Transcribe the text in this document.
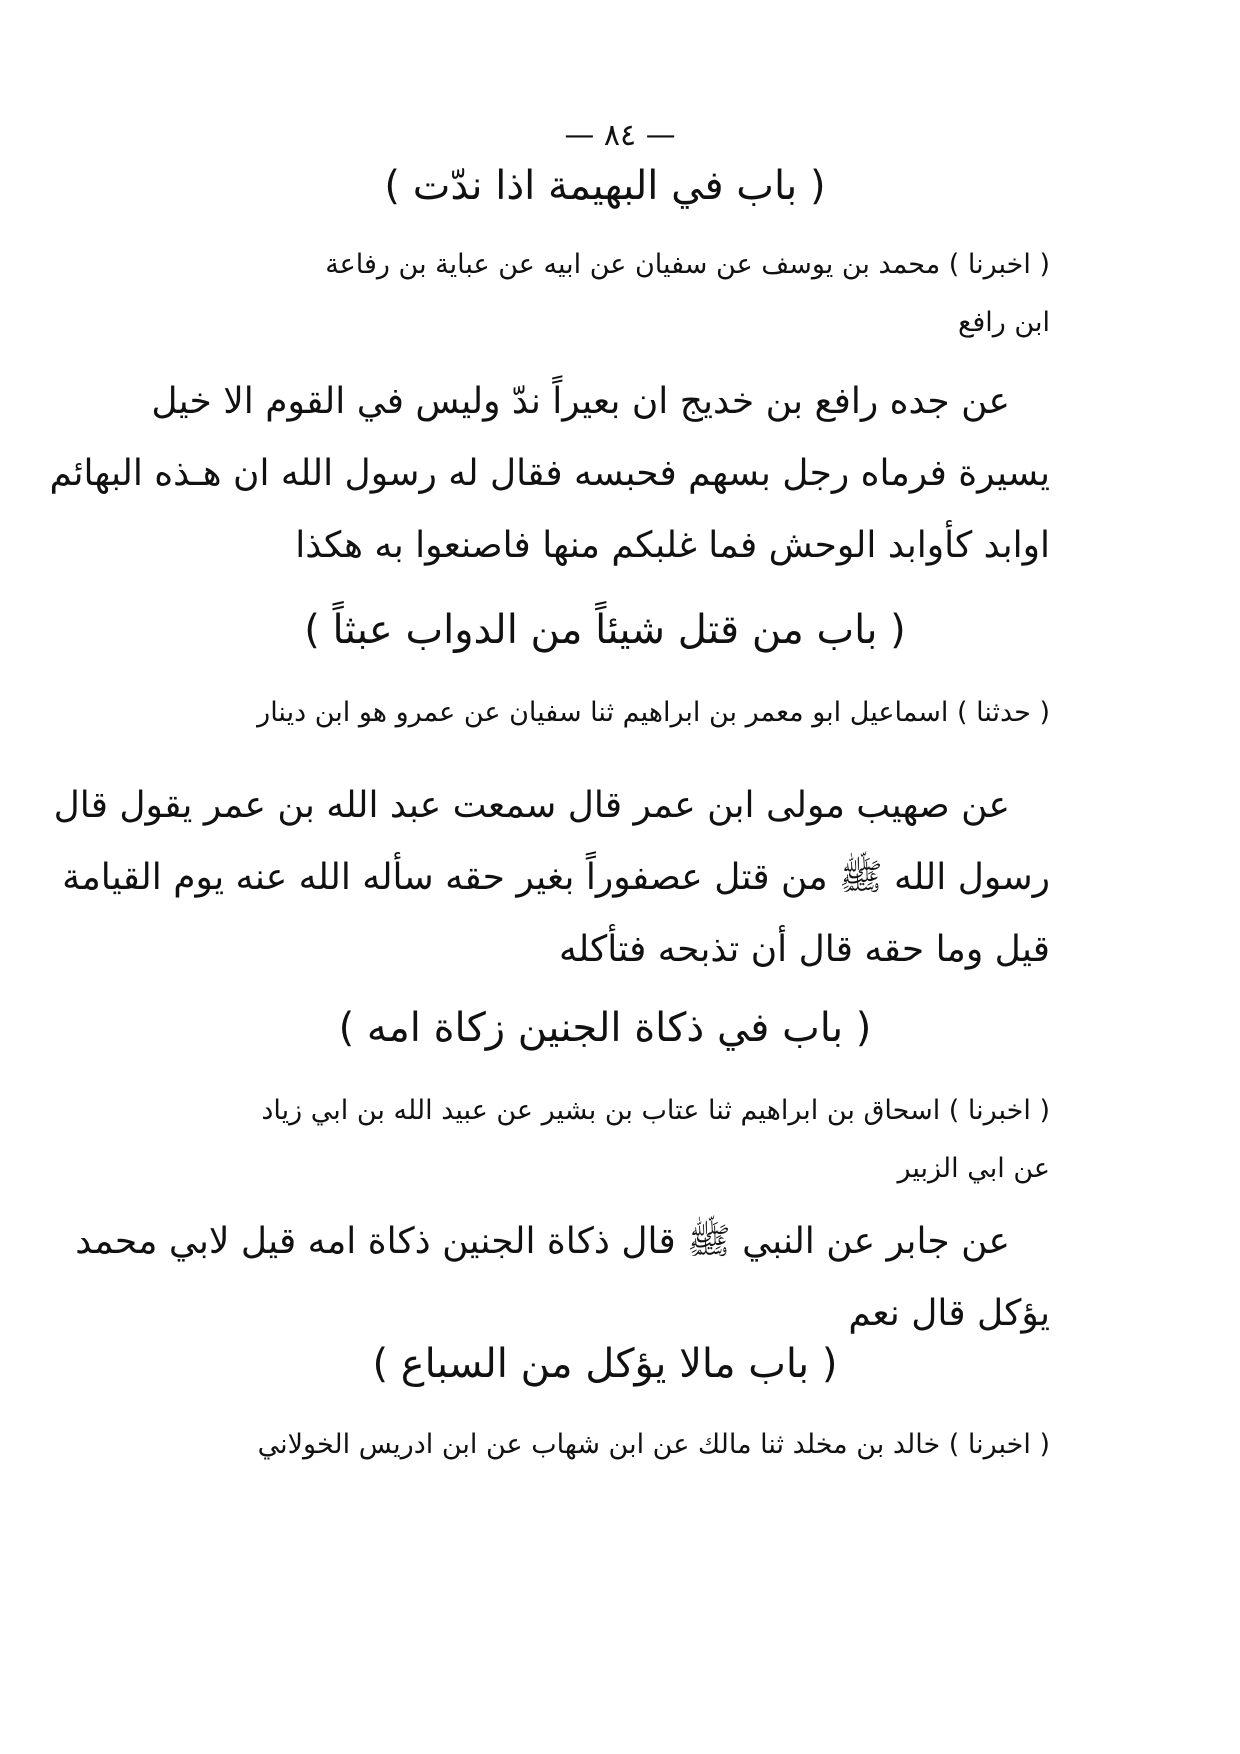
— ٨٤ —
( باب في البهيمة اذا ندّت )
( اخبرنا ) محمد بن يوسف عن سفيان عن ابيه عن عباية بن رفاعة
ابن رافع
عن جده رافع بن خديج ان بعيراً ندّ وليس في القوم الا خيل
يسيرة فرماه رجل بسهم فحبسه فقال له رسول الله ان هـذه البهائم
اوابد كأوابد الوحش فما غلبكم منها فاصنعوا به هكذا
( باب من قتل شيئاً من الدواب عبثاً )
( حدثنا ) اسماعيل ابو معمر بن ابراهيم ثنا سفيان عن عمرو هو ابن دينار
عن صهيب مولى ابن عمر قال سمعت عبد الله بن عمر يقول قال
رسول الله ﷺ من قتل عصفوراً بغير حقه سأله الله عنه يوم القيامة
قيل وما حقه قال أن تذبحه فتأكله
( باب في ذكاة الجنين زكاة امه )
( اخبرنا ) اسحاق بن ابراهيم ثنا عتاب بن بشير عن عبيد الله بن ابي زياد
عن ابي الزبير
عن جابر عن النبي ﷺ قال ذكاة الجنين ذكاة امه قيل لابي محمد
يؤكل قال نعم
( باب مالا يؤكل من السباع )
( اخبرنا ) خالد بن مخلد ثنا مالك عن ابن شهاب عن ابن ادريس الخولاني
